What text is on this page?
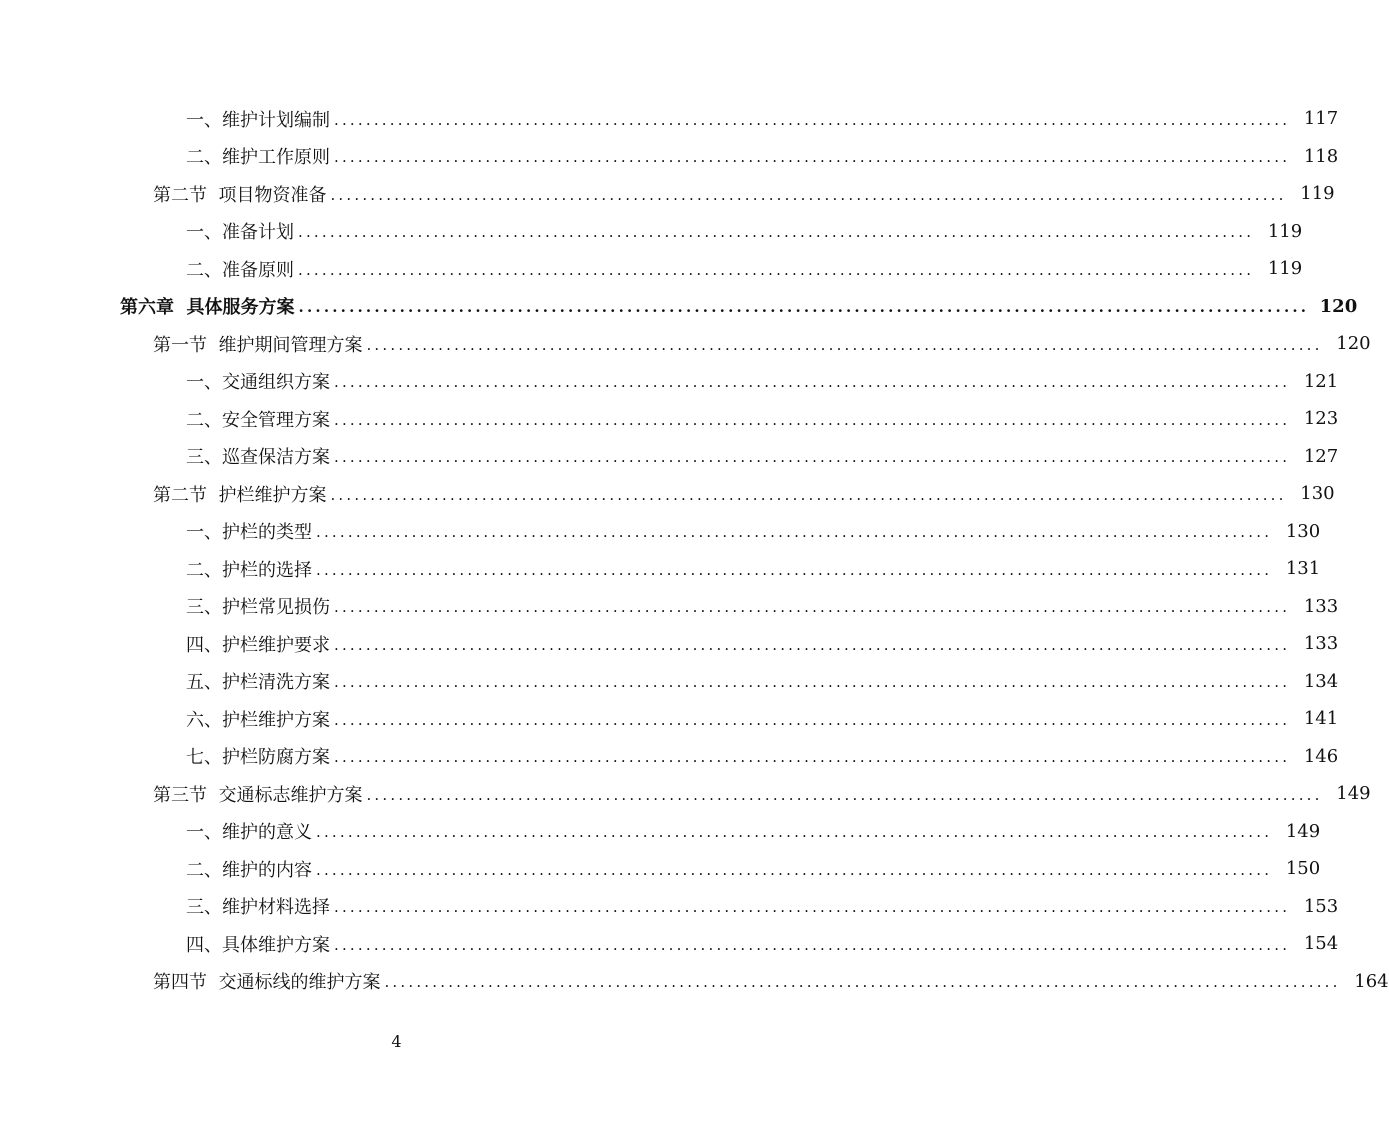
一、维护计划编制 ........................................................................................................................ 117
二、维护工作原则 ........................................................................................................................ 118
第二节  项目物资准备 ........................................................................................................................ 119
一、准备计划 ........................................................................................................................ 119
二、准备原则 ........................................................................................................................ 119
第六章  具体服务方案 ........................................................................................................................ 120
第一节  维护期间管理方案 ........................................................................................................................ 120
一、交通组织方案 ........................................................................................................................ 121
二、安全管理方案 ........................................................................................................................ 123
三、巡查保洁方案 ........................................................................................................................ 127
第二节  护栏维护方案 ........................................................................................................................ 130
一、护栏的类型 ........................................................................................................................ 130
二、护栏的选择 ........................................................................................................................ 131
三、护栏常见损伤 ........................................................................................................................ 133
四、护栏维护要求 ........................................................................................................................ 133
五、护栏清洗方案 ........................................................................................................................ 134
六、护栏维护方案 ........................................................................................................................ 141
七、护栏防腐方案 ........................................................................................................................ 146
第三节  交通标志维护方案 ........................................................................................................................ 149
一、维护的意义 ........................................................................................................................ 149
二、维护的内容 ........................................................................................................................ 150
三、维护材料选择 ........................................................................................................................ 153
四、具体维护方案 ........................................................................................................................ 154
第四节  交通标线的维护方案 ........................................................................................................................ 164
4
